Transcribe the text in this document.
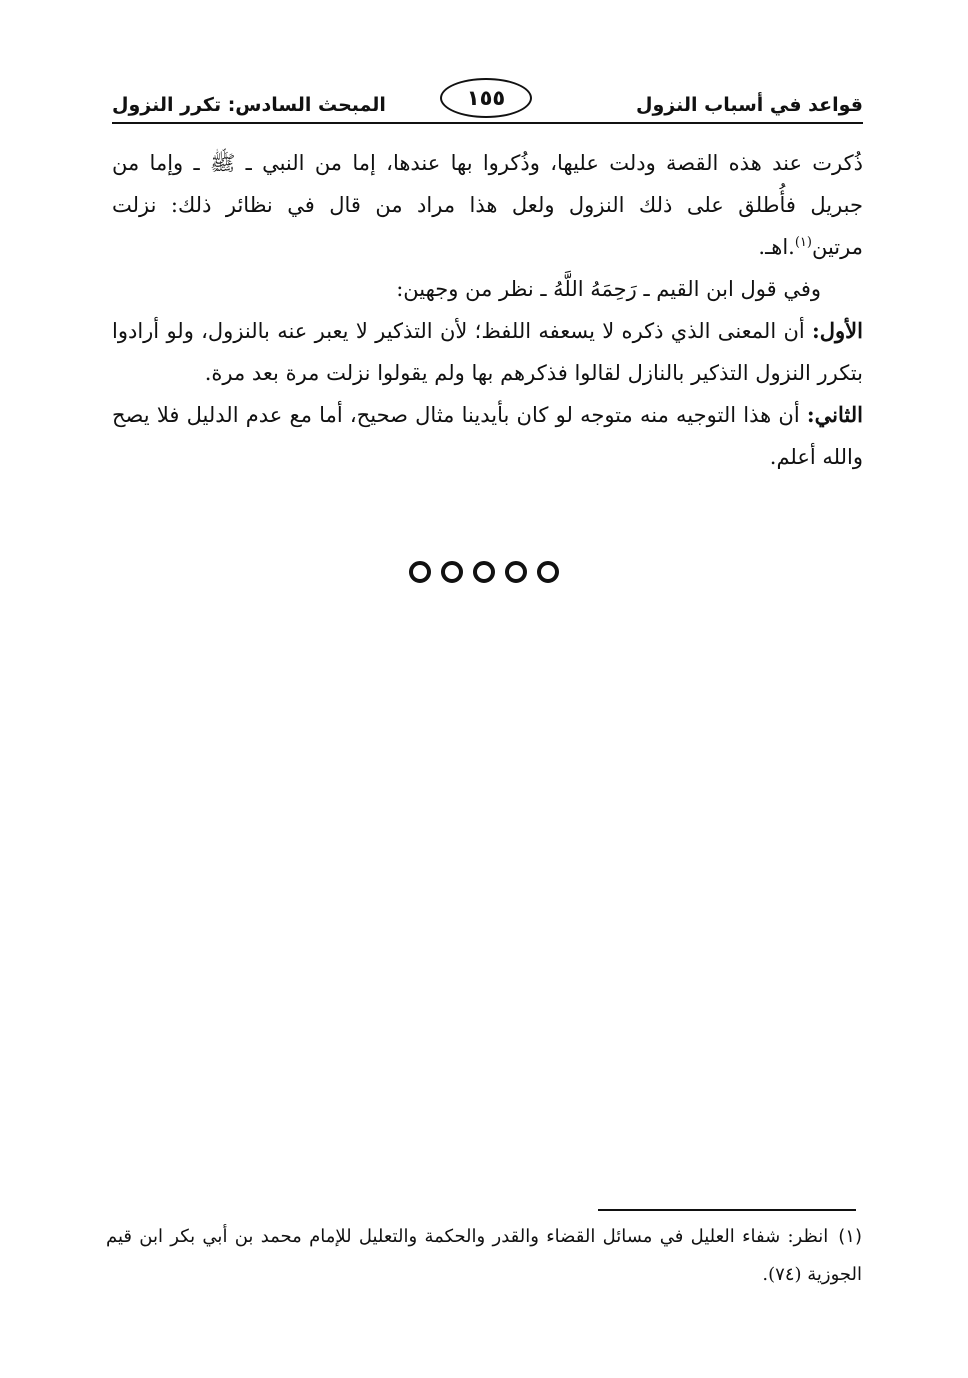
قواعد في أسباب النزول
١٥٥
المبحث السادس: تكرر النزول

ذُكرت عند هذه القصة ودلت عليها، وذُكروا بها عندها، إما من النبي ـ ﷺ ـ وإما من جبريل فأُطلق على ذلك النزول ولعل هذا مراد من قال في نظائر ذلك: نزلت مرتين$^{(١)}$.اهـ.

وفي قول ابن القيم ـ رَحِمَهُ اللَّهُ ـ نظر من وجهين:

الأول: أن المعنى الذي ذكره لا يسعفه اللفظ؛ لأن التذكير لا يعبر عنه بالنزول، ولو أرادوا بتكرر النزول التذكير بالنازل لقالوا فذكرهم بها ولم يقولوا نزلت مرة بعد مرة.

الثاني: أن هذا التوجيه منه متوجه لو كان بأيدينا مثال صحيح، أما مع عدم الدليل فلا يصح والله أعلم.

(١)انظر: شفاء العليل في مسائل القضاء والقدر والحكمة والتعليل للإمام محمد بن أبي بكر ابن قيم الجوزية (٧٤).
